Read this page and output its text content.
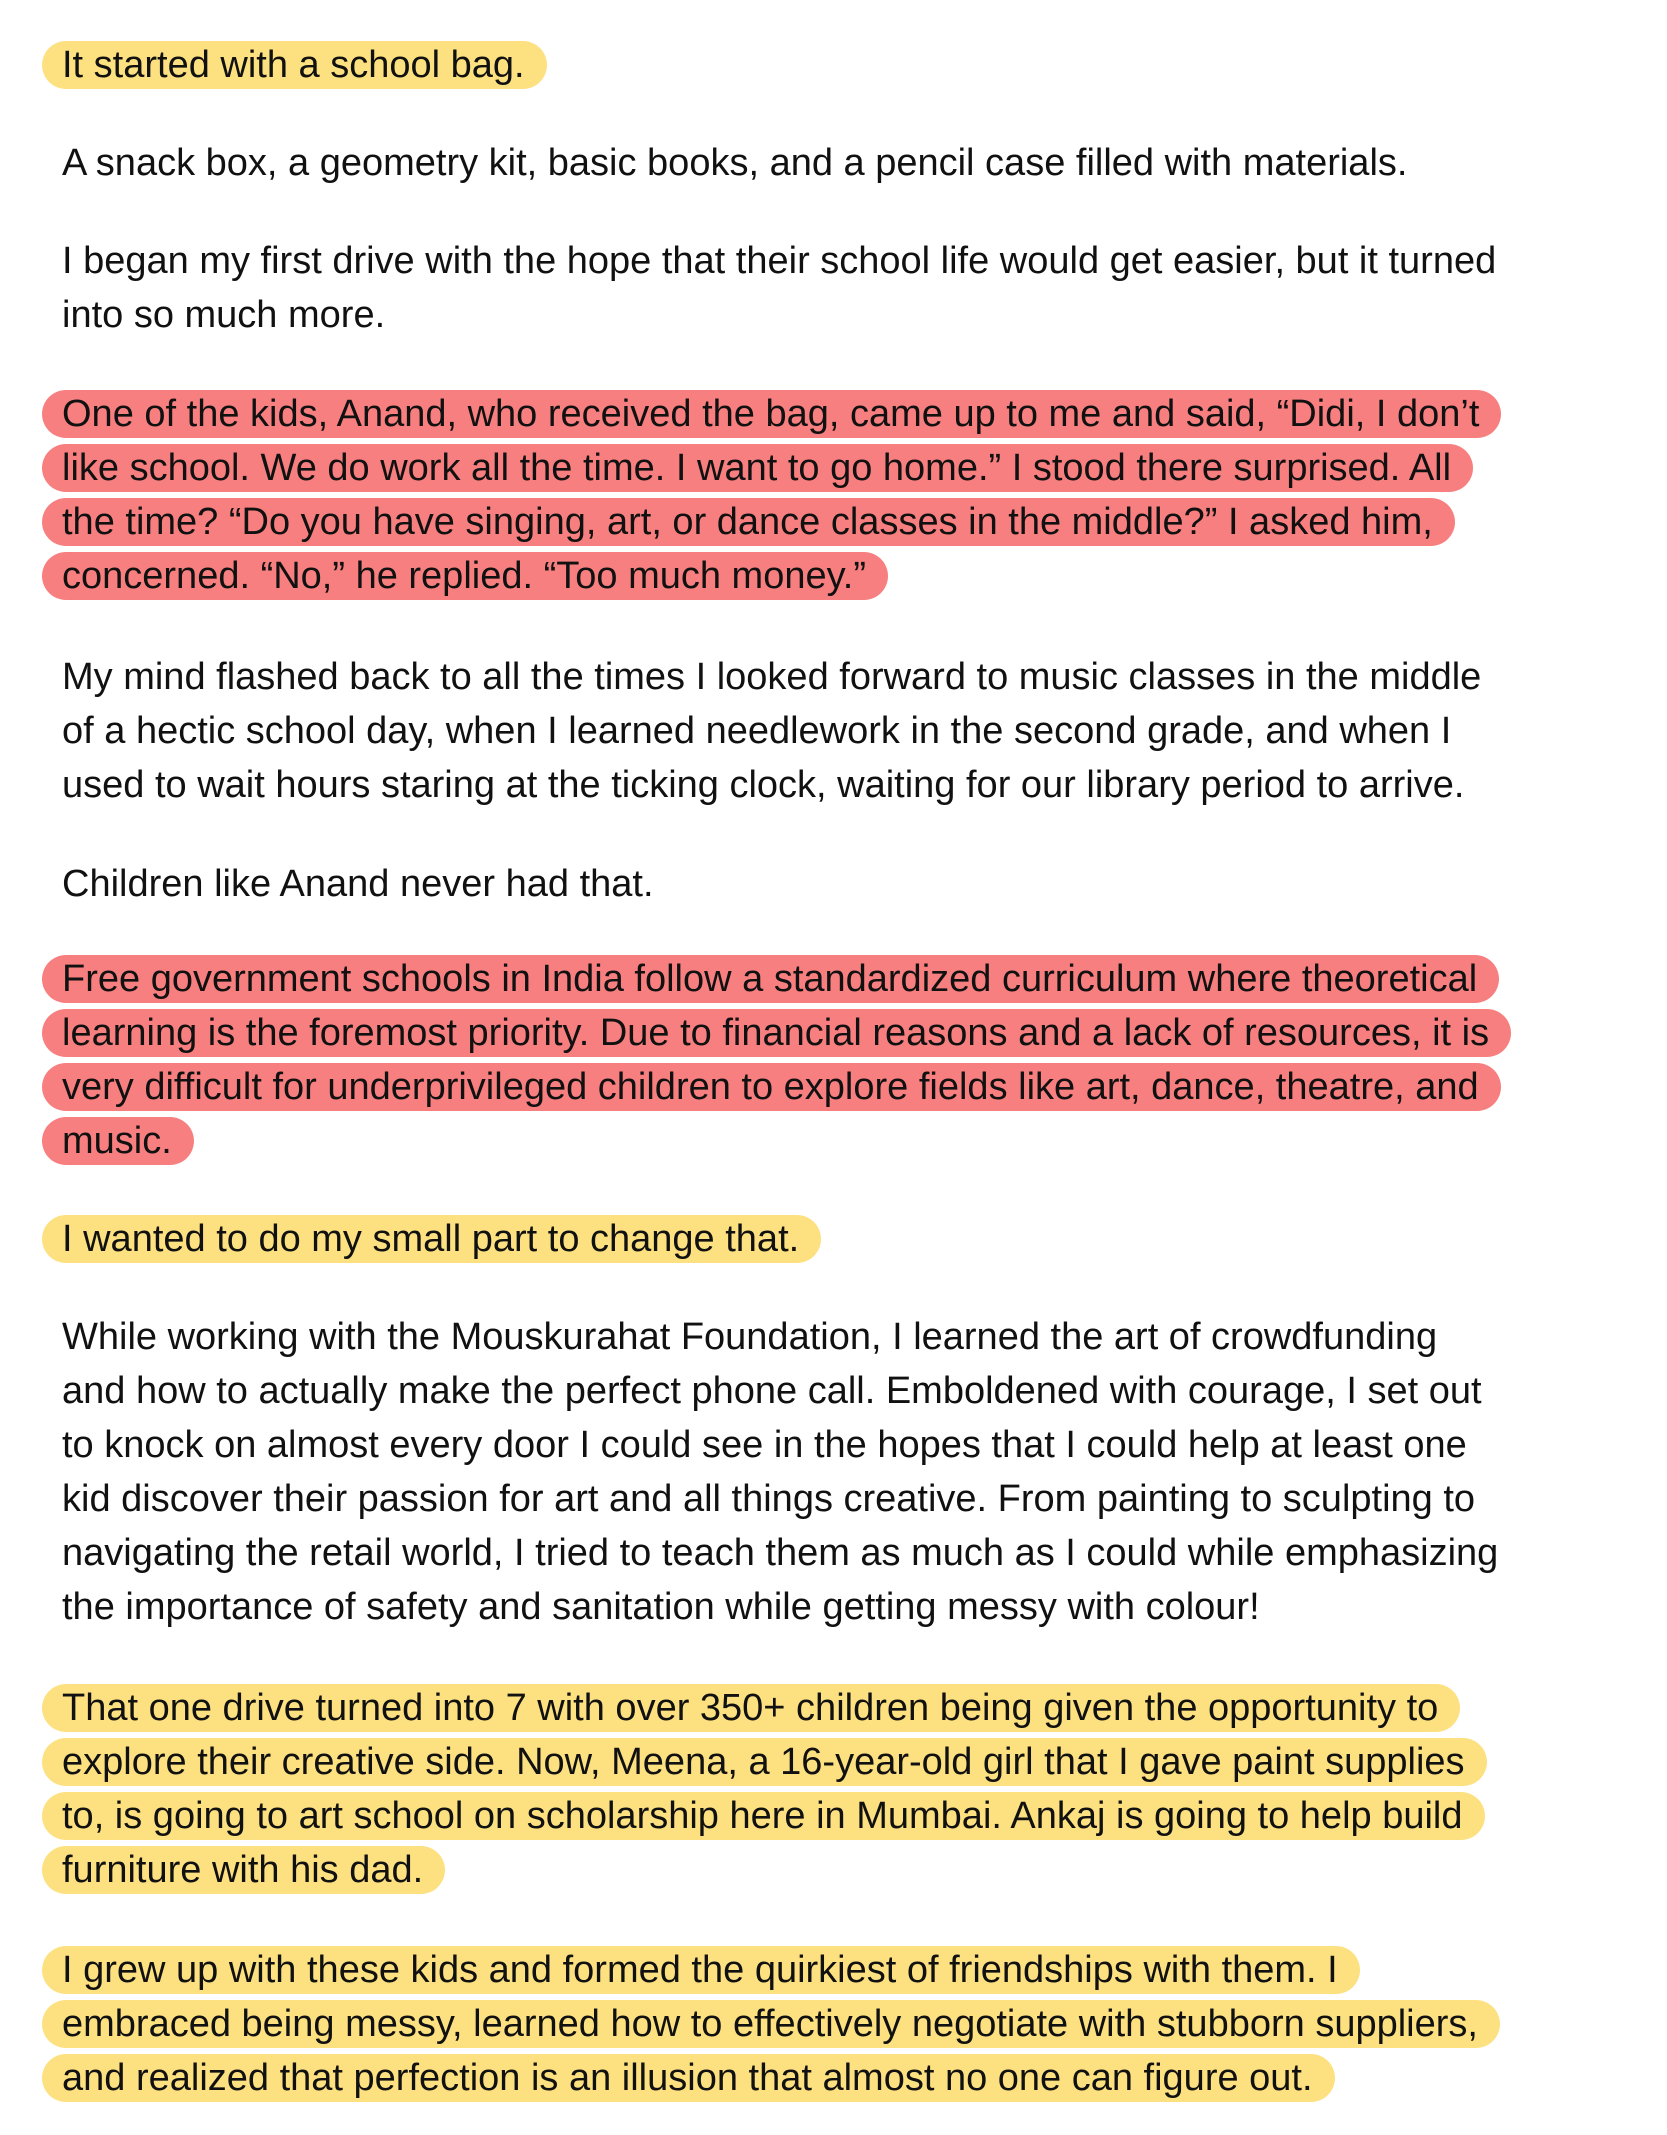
It started with a school bag.

A snack box, a geometry kit, basic books, and a pencil case filled with materials.

I began my first drive with the hope that their school life would get easier, but it turned
into so much more.

One of the kids, Anand, who received the bag, came up to me and said, “Didi, I don’t
like school. We do work all the time. I want to go home.” I stood there surprised. All
the time? “Do you have singing, art, or dance classes in the middle?” I asked him,
concerned. “No,” he replied. “Too much money.”

My mind flashed back to all the times I looked forward to music classes in the middle
of a hectic school day, when I learned needlework in the second grade, and when I
used to wait hours staring at the ticking clock, waiting for our library period to arrive.

Children like Anand never had that.

Free government schools in India follow a standardized curriculum where theoretical
learning is the foremost priority. Due to financial reasons and a lack of resources, it is
very difficult for underprivileged children to explore fields like art, dance, theatre, and
music.

I wanted to do my small part to change that.

While working with the Mouskurahat Foundation, I learned the art of crowdfunding
and how to actually make the perfect phone call. Emboldened with courage, I set out
to knock on almost every door I could see in the hopes that I could help at least one
kid discover their passion for art and all things creative. From painting to sculpting to
navigating the retail world, I tried to teach them as much as I could while emphasizing
the importance of safety and sanitation while getting messy with colour!

That one drive turned into 7 with over 350+ children being given the opportunity to
explore their creative side. Now, Meena, a 16-year-old girl that I gave paint supplies
to, is going to art school on scholarship here in Mumbai. Ankaj is going to help build
furniture with his dad.

I grew up with these kids and formed the quirkiest of friendships with them. I
embraced being messy, learned how to effectively negotiate with stubborn suppliers,
and realized that perfection is an illusion that almost no one can figure out.
